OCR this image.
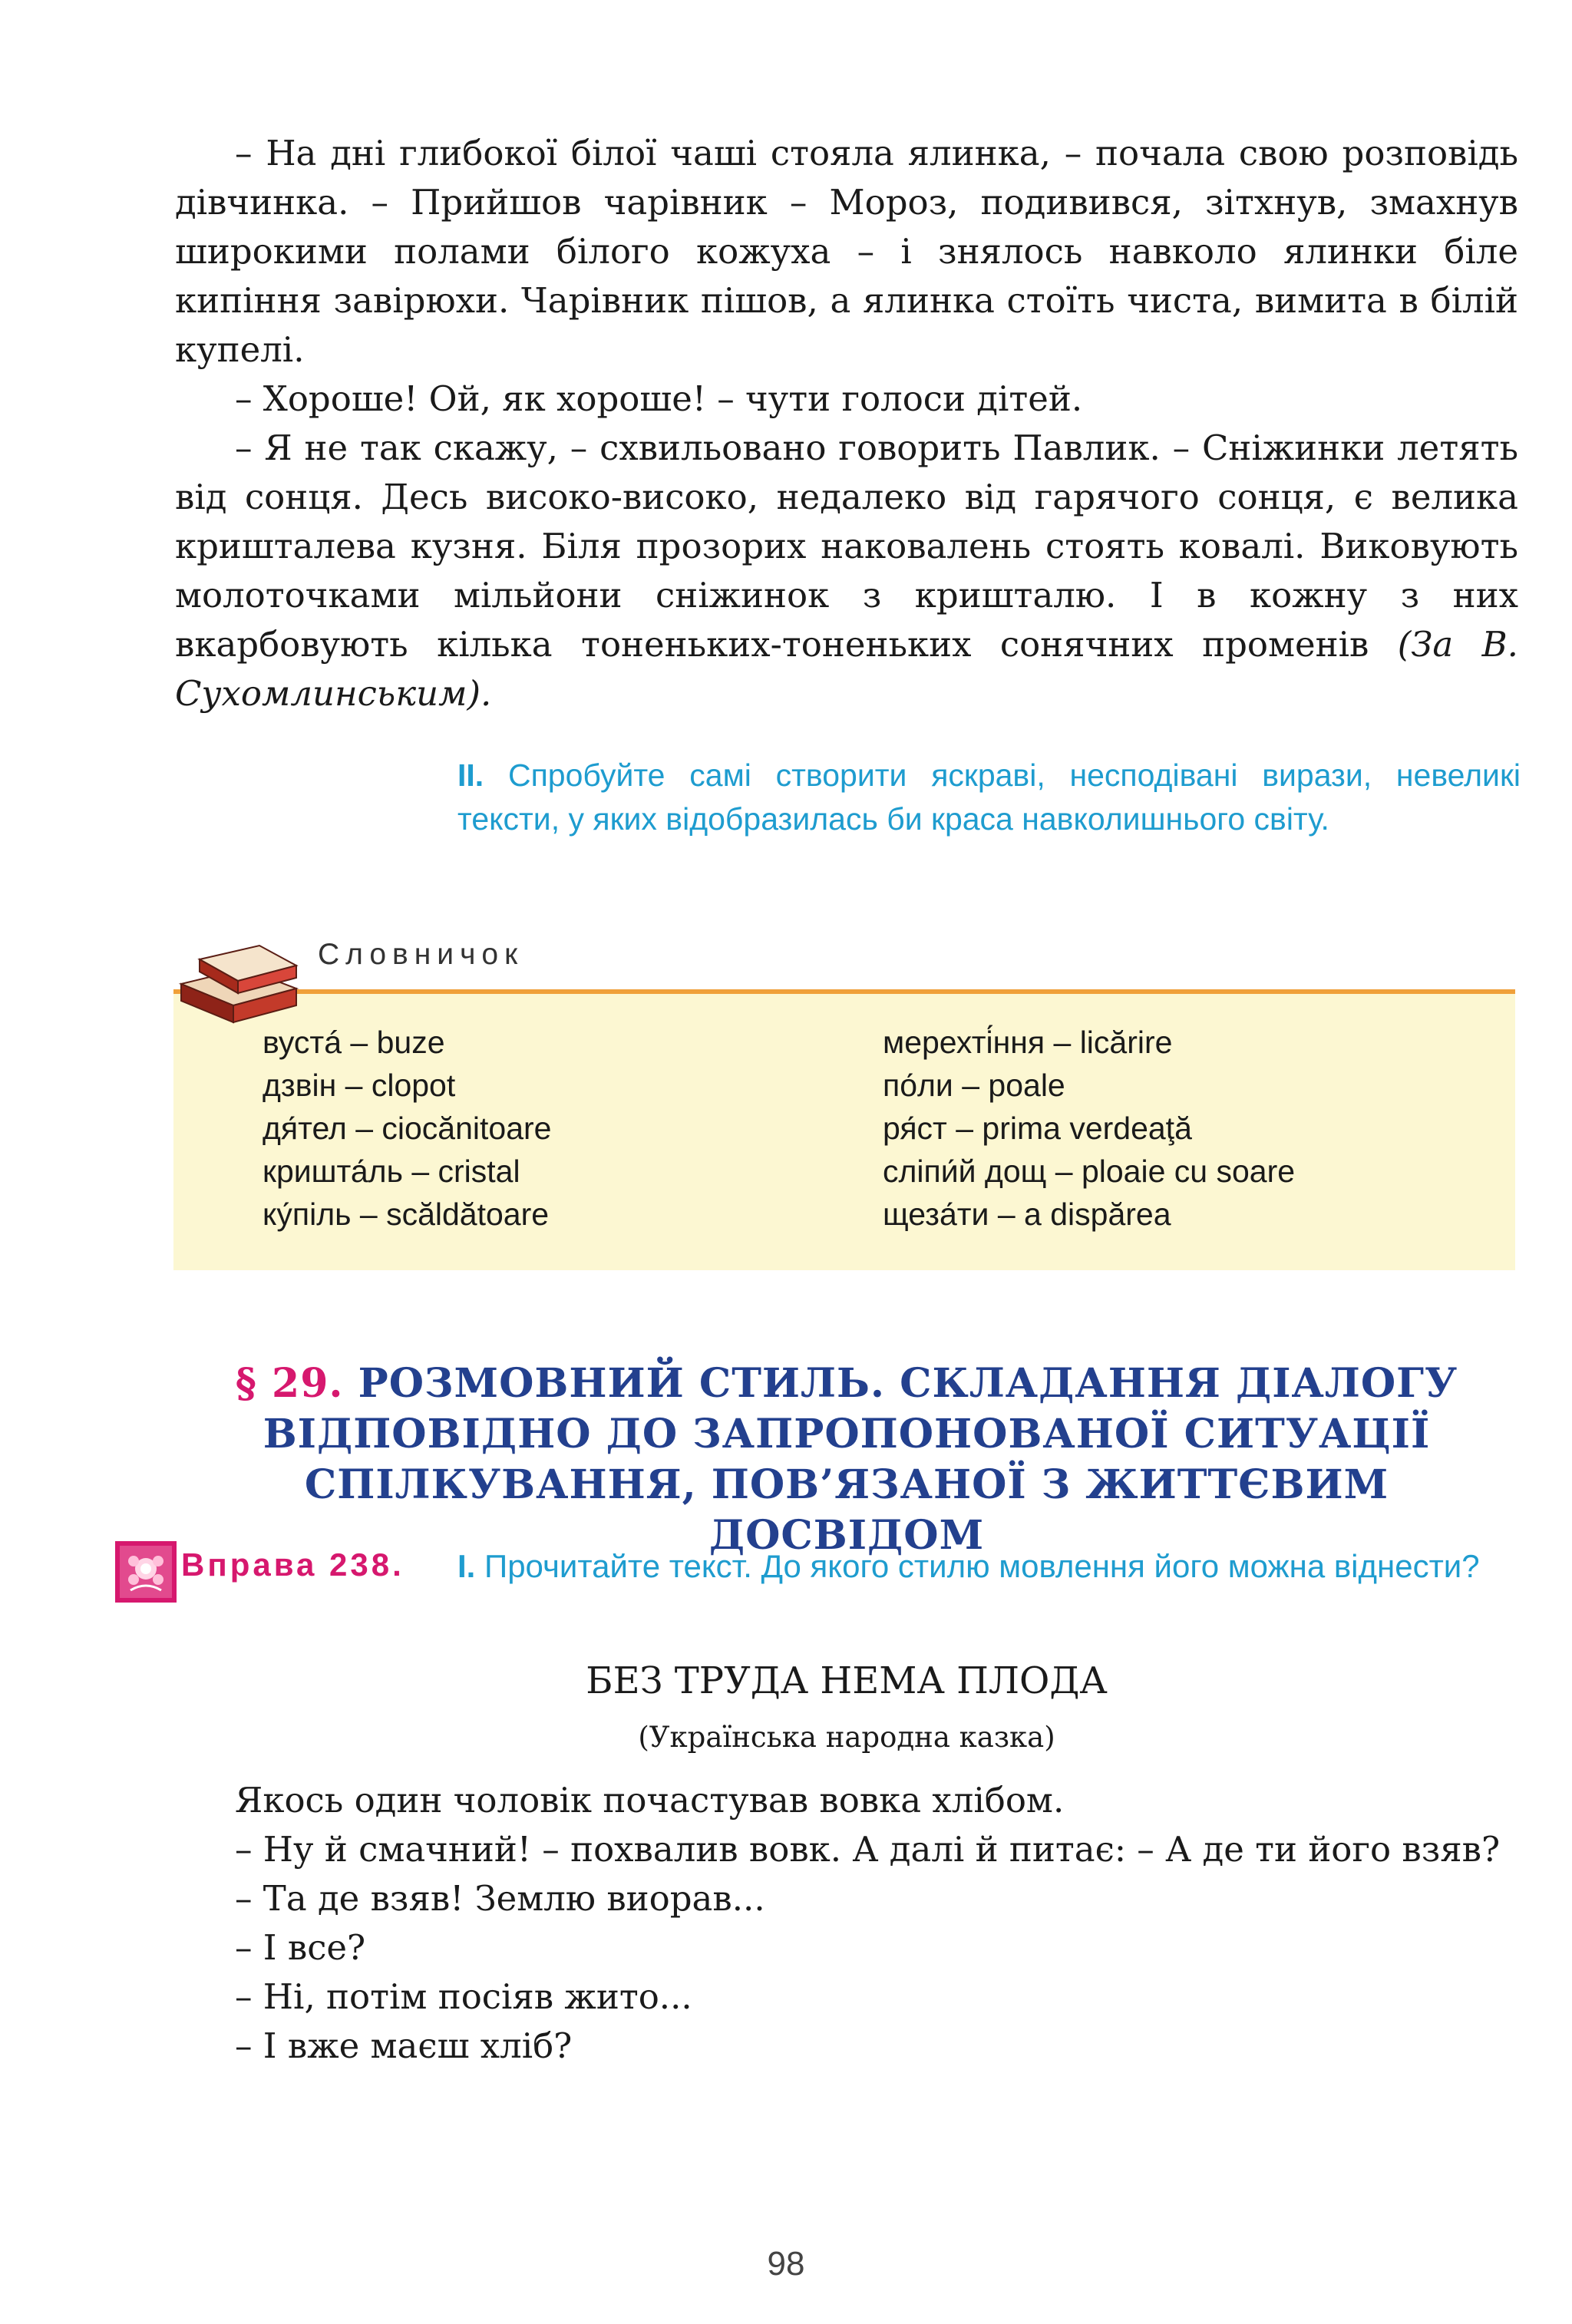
– На дні глибокої білої чаші стояла ялинка, – почала свою розповідь дівчинка. – Прийшов чарівник – Мороз, подивився, зітхнув, змахнув широкими полами білого кожуха – і знялось навколо ялинки біле кипіння завірюхи. Чарівник пішов, а ялинка стоїть чиста, вимита в білій купелі.

– Хороше! Ой, як хороше! – чути голоси дітей.

– Я не так скажу, – схвильовано говорить Павлик. – Сніжинки летять від сонця. Десь високо-високо, недалеко від гарячого сонця, є велика кришталева кузня. Біля прозорих наковалень стоять ковалі. Виковують молоточками мільйони сніжинок з кришталю. І в кожну з них вкарбовують кілька тоненьких-тоненьких сонячних променів (За В. Сухомлинським).

II. Спробуйте самі створити яскраві, несподівані вирази, невеликі тексти, у яких відобразилась би краса навколишнього світу.
Словничок
вустá – buze
дзвін – clopot
дя́тел – ciocănitoare
кришта́ль – cristal
ку́піль – scăldătoare
мерехті́ння – licărire
по́ли – poale
ря́ст – prima verdeaţă
сліпи́й дощ – ploaie cu soare
щеза́ти – a dispărea
§ 29. РОЗМОВНИЙ СТИЛЬ. СКЛАДАННЯ ДІАЛОГУ
ВІДПОВІДНО ДО ЗАПРОПОНОВАНОЇ СИТУАЦІЇ
СПІЛКУВАННЯ, ПОВ’ЯЗАНОЇ З ЖИТТЄВИМ ДОСВІДОМ
Вправа 238. I. Прочитайте текст. До якого стилю мовлення його можна віднести?
БЕЗ ТРУДА НЕМА ПЛОДА
(Українська народна казка)

Якось один чоловік почастував вовка хлібом.

– Ну й смачний! – похвалив вовк. А далі й питає: – А де ти його взяв?

– Та де взяв! Землю виорав...

– І все?

– Ні, потім посіяв жито...

– І вже маєш хліб?

98
